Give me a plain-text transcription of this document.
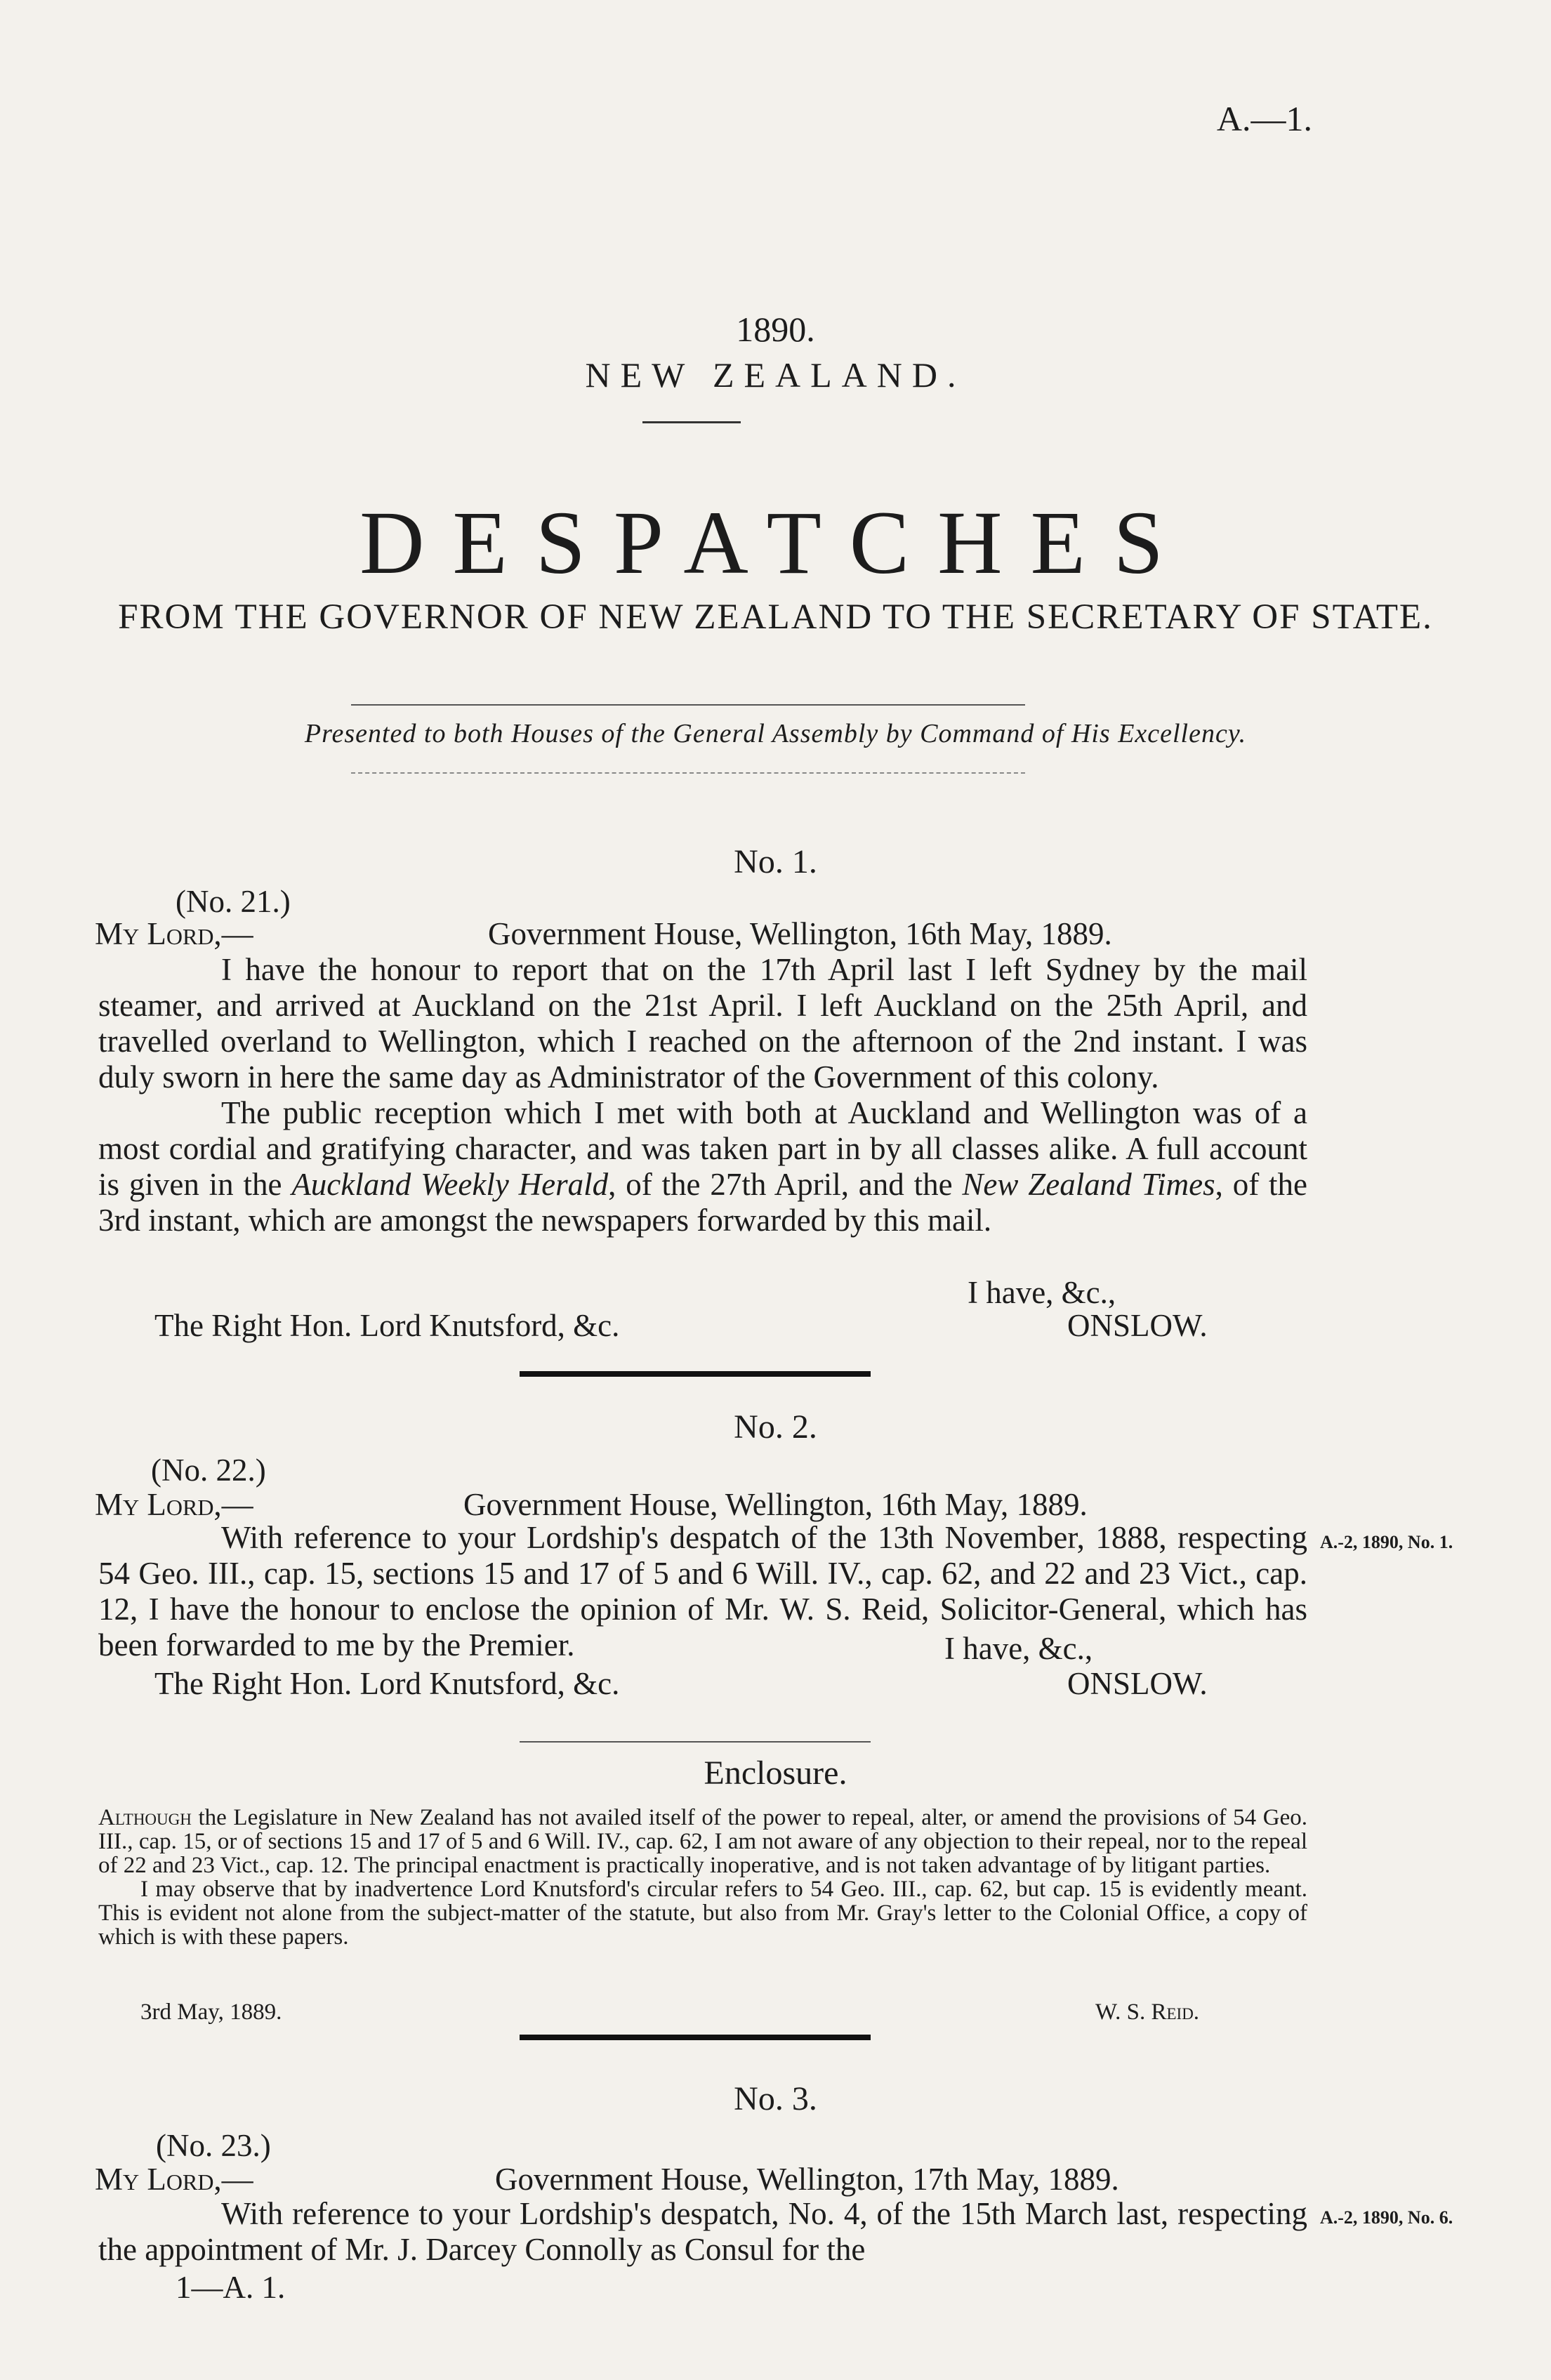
A.—1.
1890.
NEW ZEALAND.
DESPATCHES
FROM THE GOVERNOR OF NEW ZEALAND TO THE SECRETARY OF STATE.
Presented to both Houses of the General Assembly by Command of His Excellency.
No. 1.
(No. 21.)
My Lord,—	Government House, Wellington, 16th May, 1889.

I have the honour to report that on the 17th April last I left Sydney by the mail steamer, and arrived at Auckland on the 21st April. I left Auckland on the 25th April, and travelled overland to Wellington, which I reached on the afternoon of the 2nd instant. I was duly sworn in here the same day as Administrator of the Government of this colony.

The public reception which I met with both at Auckland and Wellington was of a most cordial and gratifying character, and was taken part in by all classes alike. A full account is given in the Auckland Weekly Herald, of the 27th April, and the New Zealand Times, of the 3rd instant, which are amongst the newspapers forwarded by this mail.

I have, &c.,
The Right Hon. Lord Knutsford, &c.	ONSLOW.
No. 2.
(No. 22.)
My Lord,—	Government House, Wellington, 16th May, 1889.

With reference to your Lordship's despatch of the 13th November, 1888, respecting 54 Geo. III., cap. 15, sections 15 and 17 of 5 and 6 Will. IV., cap. 62, and 22 and 23 Vict., cap. 12, I have the honour to enclose the opinion of Mr. W. S. Reid, Solicitor-General, which has been forwarded to me by the Premier.

A.-2, 1890, No. 1.
I have, &c.,
The Right Hon. Lord Knutsford, &c.	ONSLOW.
Enclosure.

Although the Legislature in New Zealand has not availed itself of the power to repeal, alter, or amend the provisions of 54 Geo. III., cap. 15, or of sections 15 and 17 of 5 and 6 Will. IV., cap. 62, I am not aware of any objection to their repeal, nor to the repeal of 22 and 23 Vict., cap. 12. The principal enactment is practically inoperative, and is not taken advantage of by litigant parties.

I may observe that by inadvertence Lord Knutsford's circular refers to 54 Geo. III., cap. 62, but cap. 15 is evidently meant. This is evident not alone from the subject-matter of the statute, but also from Mr. Gray's letter to the Colonial Office, a copy of which is with these papers.

3rd May, 1889.	W. S. Reid.
No. 3.
(No. 23.)
My Lord,—	Government House, Wellington, 17th May, 1889.

With reference to your Lordship's despatch, No. 4, of the 15th March last, respecting the appointment of Mr. J. Darcey Connolly as Consul for the

A.-2, 1890, No. 6.
1—A. 1.
